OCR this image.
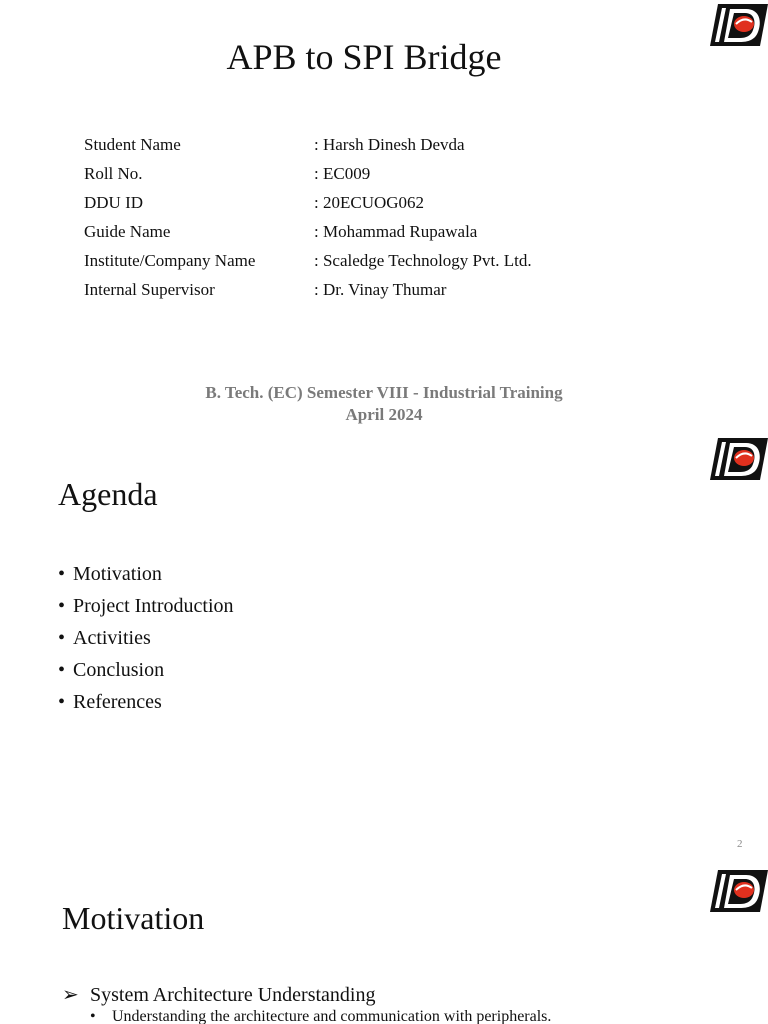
APB to SPI Bridge
Student Name	: Harsh Dinesh Devda
Roll No.	: EC009
DDU ID	: 20ECUOG062
Guide Name	: Mohammad Rupawala
Institute/Company Name	: Scaledge Technology Pvt. Ltd.
Internal Supervisor	: Dr. Vinay Thumar
B. Tech. (EC) Semester VIII - Industrial Training
April 2024
Agenda
• Motivation
• Project Introduction
• Activities
• Conclusion
• References
2
Motivation
➢ System Architecture Understanding
• Understanding the architecture and communication with peripherals.
